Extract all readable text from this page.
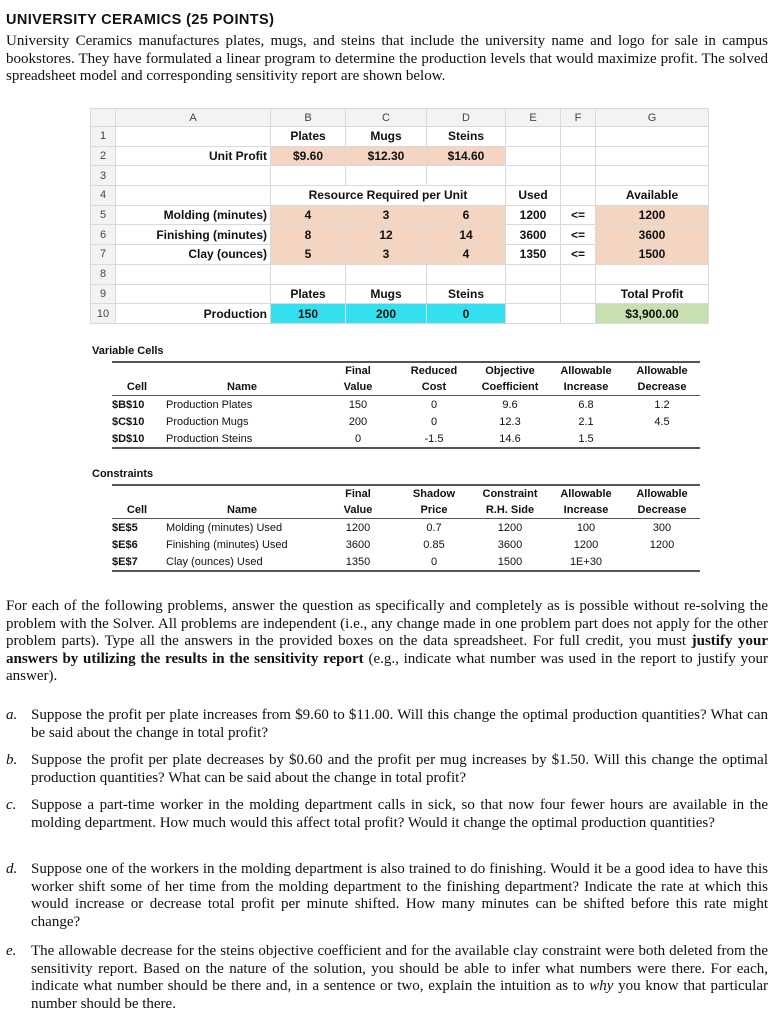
UNIVERSITY CERAMICS (25 POINTS)
University Ceramics manufactures plates, mugs, and steins that include the university name and logo for sale in campus bookstores. They have formulated a linear program to determine the production levels that would maximize profit. The solved spreadsheet model and corresponding sensitivity report are shown below.
	A	B	C	D	E	F	G
1		Plates	Mugs	Steins			
2	Unit Profit	$9.60	$12.30	$14.60			
3							
4		Resource Required per Unit			Used		Available
5	Molding (minutes)	4	3	6	1200	<=	1200
6	Finishing (minutes)	8	12	14	3600	<=	3600
7	Clay (ounces)	5	3	4	1350	<=	1500
8							
9		Plates	Mugs	Steins			Total Profit
10	Production	150	200	0			$3,900.00
Variable Cells
		Final	Reduced	Objective	Allowable	Allowable
Cell	Name	Value	Cost	Coefficient	Increase	Decrease
$B$10	Production Plates	150	0	9.6	6.8	1.2
$C$10	Production Mugs	200	0	12.3	2.1	4.5
$D$10	Production Steins	0	-1.5	14.6	1.5	
Constraints
		Final	Shadow	Constraint	Allowable	Allowable
Cell	Name	Value	Price	R.H. Side	Increase	Decrease
$E$5	Molding (minutes) Used	1200	0.7	1200	100	300
$E$6	Finishing (minutes) Used	3600	0.85	3600	1200	1200
$E$7	Clay (ounces) Used	1350	0	1500	1E+30	
For each of the following problems, answer the question as specifically and completely as is possible without re-solving the problem with the Solver. All problems are independent (i.e., any change made in one problem part does not apply for the other problem parts). Type all the answers in the provided boxes on the data spreadsheet. For full credit, you must justify your answers by utilizing the results in the sensitivity report (e.g., indicate what number was used in the report to justify your answer).
a. Suppose the profit per plate increases from $9.60 to $11.00. Will this change the optimal production quantities? What can be said about the change in total profit?
b. Suppose the profit per plate decreases by $0.60 and the profit per mug increases by $1.50. Will this change the optimal production quantities? What can be said about the change in total profit?
c. Suppose a part-time worker in the molding department calls in sick, so that now four fewer hours are available in the molding department. How much would this affect total profit? Would it change the optimal production quantities?
d. Suppose one of the workers in the molding department is also trained to do finishing. Would it be a good idea to have this worker shift some of her time from the molding department to the finishing department? Indicate the rate at which this would increase or decrease total profit per minute shifted. How many minutes can be shifted before this rate might change?
e. The allowable decrease for the steins objective coefficient and for the available clay constraint were both deleted from the sensitivity report. Based on the nature of the solution, you should be able to infer what numbers were there. For each, indicate what number should be there and, in a sentence or two, explain the intuition as to why you know that particular number should be there.
